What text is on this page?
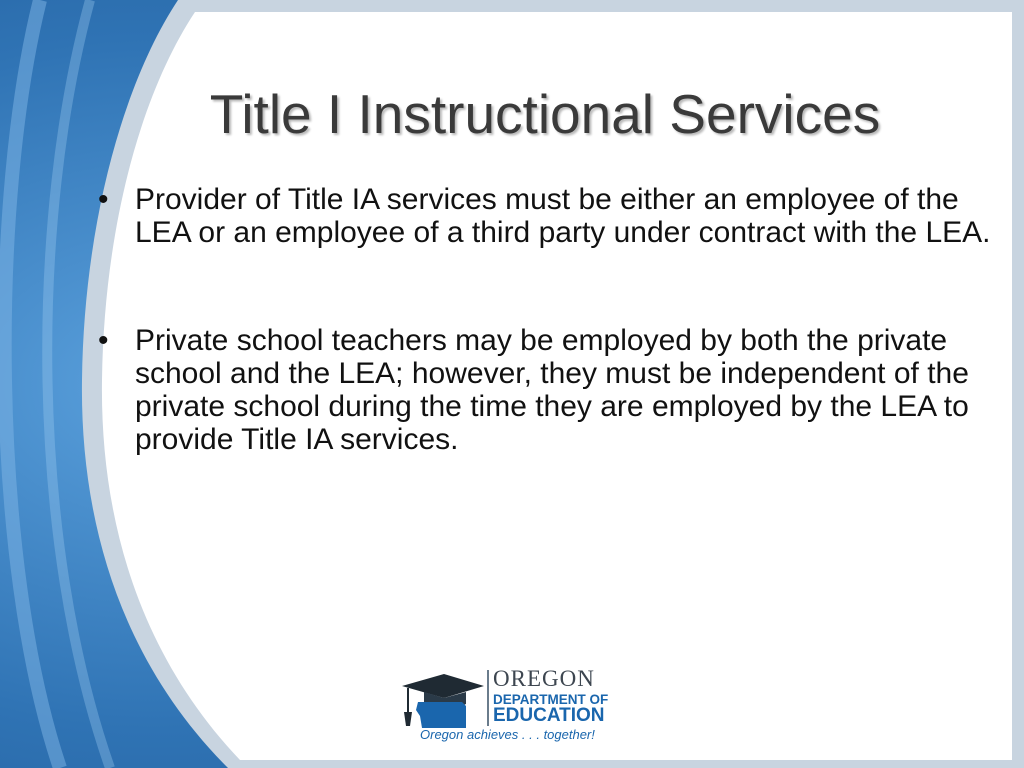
Title I Instructional Services
• Provider of Title IA services must be either an employee of the LEA or an employee of a third party under contract with the LEA.
• Private school teachers may be employed by both the private school and the LEA; however, they must be independent of the private school during the time they are employed by the LEA to provide Title IA services.
OREGON
DEPARTMENT OF
EDUCATION
Oregon achieves . . . together!
